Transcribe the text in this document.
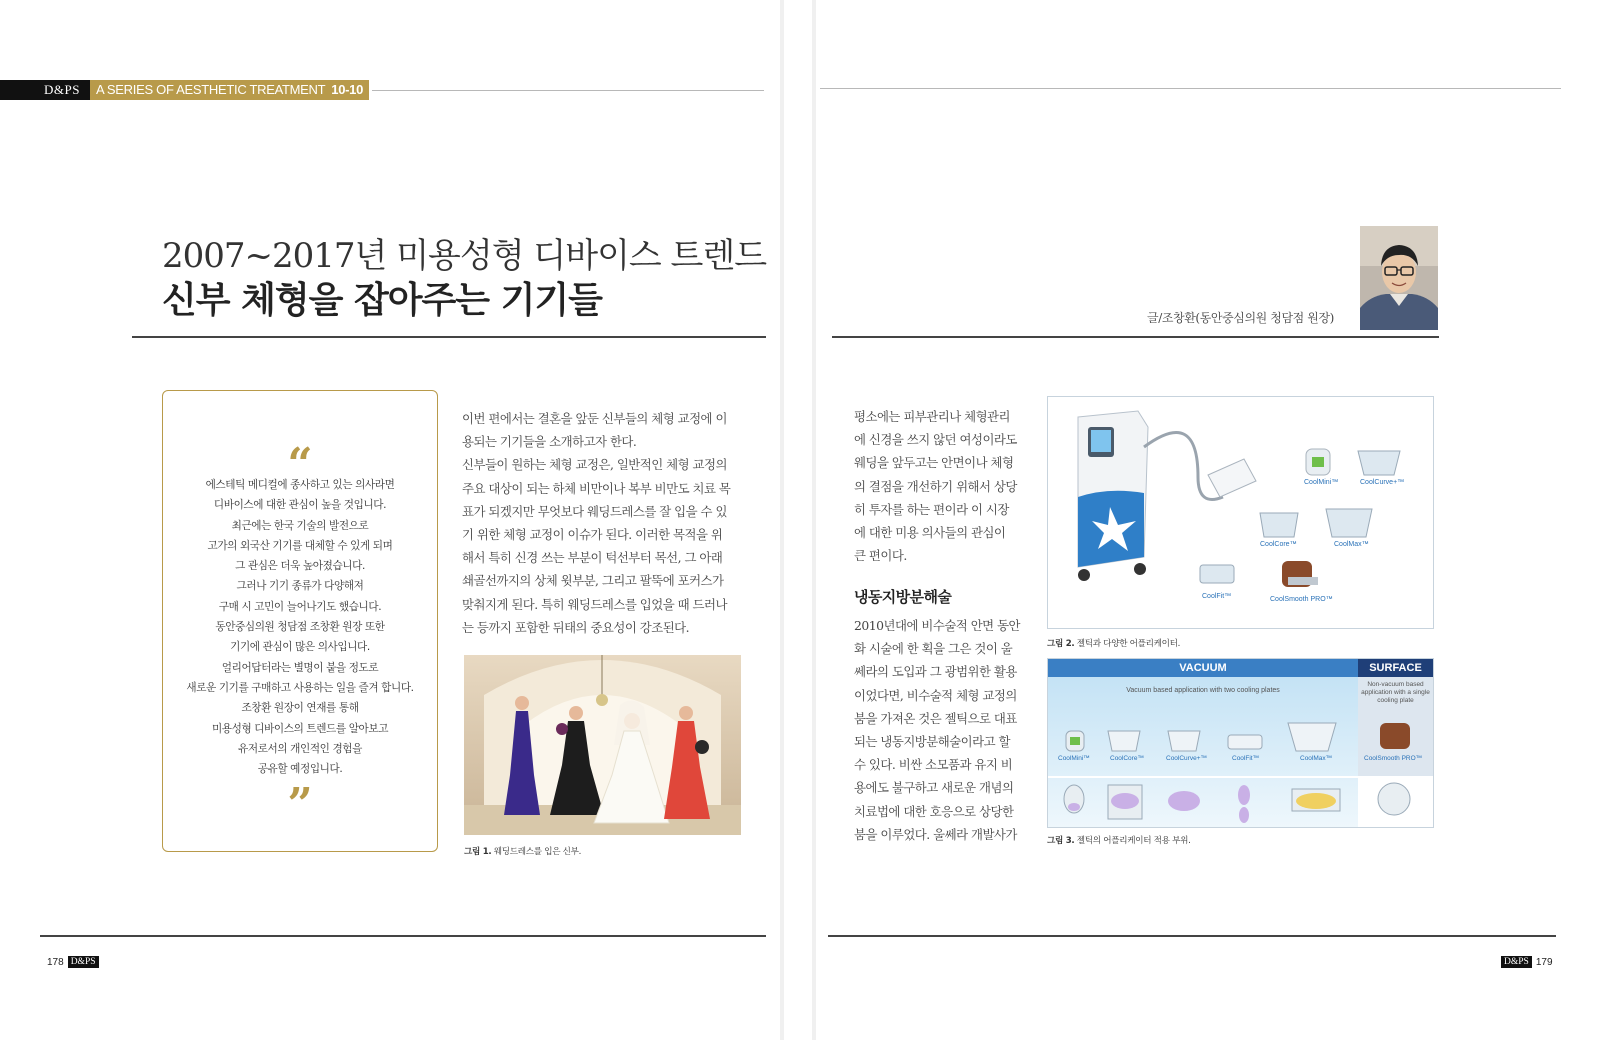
D&PS	A SERIES OF AESTHETIC TREATMENT 10-10
2007~2017년 미용성형 디바이스 트렌드
신부 체형을 잡아주는 기기들	글/조창환(동안중심의원 청담점 원장)
“
에스테틱 메디컬에 종사하고 있는 의사라면
디바이스에 대한 관심이 높을 것입니다.
최근에는 한국 기술의 발전으로
고가의 외국산 기기를 대체할 수 있게 되며
그 관심은 더욱 높아졌습니다.
그러나 기기 종류가 다양해져
구매 시 고민이 늘어나기도 했습니다.
동안중심의원 청담점 조창환 원장 또한
기기에 관심이 많은 의사입니다.
얼리어답터라는 별명이 붙을 정도로
새로운 기기를 구매하고 사용하는 일을 즐겨 합니다.
조창환 원장이 연재를 통해
미용성형 디바이스의 트렌드를 알아보고
유저로서의 개인적인 경험을
공유할 예정입니다.
”
이번 편에서는 결혼을 앞둔 신부들의 체형 교정에 이
용되는 기기들을 소개하고자 한다.
신부들이 원하는 체형 교정은, 일반적인 체형 교정의
주요 대상이 되는 하체 비만이나 복부 비만도 치료 목
표가 되겠지만 무엇보다 웨딩드레스를 잘 입을 수 있
기 위한 체형 교정이 이슈가 된다. 이러한 목적을 위
해서 특히 신경 쓰는 부분이 턱선부터 목선, 그 아래
쇄골선까지의 상체 윗부분, 그리고 팔뚝에 포커스가
맞춰지게 된다. 특히 웨딩드레스를 입었을 때 드러나
는 등까지 포함한 뒤태의 중요성이 강조된다.
그림 1. 웨딩드레스를 입은 신부.
평소에는 피부관리나 체형관리
에 신경을 쓰지 않던 여성이라도
웨딩을 앞두고는 안면이나 체형
의 결점을 개선하기 위해서 상당
히 투자를 하는 편이라 이 시장
에 대한 미용 의사들의 관심이
큰 편이다.
냉동지방분해술
2010년대에 비수술적 안면 동안
화 시술에 한 획을 그은 것이 울
쎄라의 도입과 그 광범위한 활용
이었다면, 비수술적 체형 교정의
붐을 가져온 것은 젤틱으로 대표
되는 냉동지방분해술이라고 할
수 있다. 비싼 소모품과 유지 비
용에도 불구하고 새로운 개념의
치료법에 대한 호응으로 상당한
붐을 이루었다. 울쎄라 개발사가
CoolMini™	CoolCurve+™
CoolCore™	CoolMax™
CoolFit™	CoolSmooth PRO™
그림 2. 젤틱과 다양한 어플리케이터.
VACUUM	SURFACE
Vacuum based application with two cooling plates
Non-vacuum based application with a single cooling plate
CoolMini™	CoolCore™	CoolCurve+™	CoolFit™	CoolMax™	CoolSmooth PRO™
그림 3. 젤틱의 어플리케이터 적용 부위.
178 D&PS	D&PS 179
